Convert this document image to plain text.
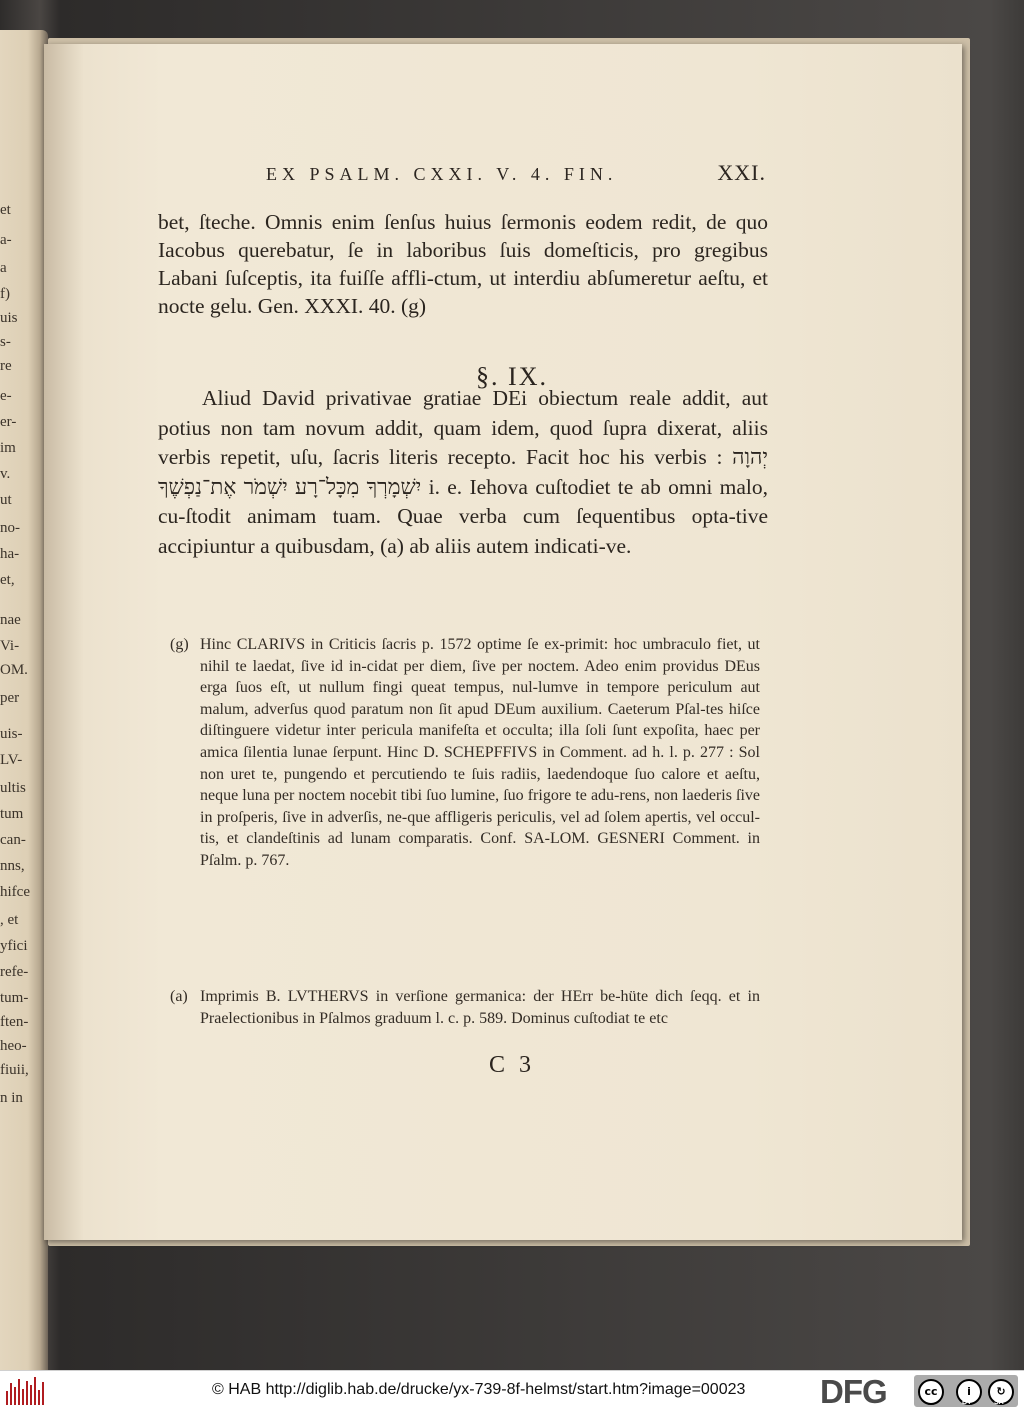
et
a-
a
f)
uis
s-
re
e-
er-
im
v.
ut
no-
ha-
et,
nae
Vi-
OM.
per
uis-
LV-
ultis
tum
can-
nns,
hifce
, et
yfici
refe-
tum-
ften-
heo-
fiuii,
n in
EX PSALM. CXXI. V. 4. FIN.	XXI.
bet, ſteche. Omnis enim ſenſus huius ſermonis eodem redit, de quo Iacobus querebatur, ſe in laboribus ſuis domeſticis, pro gregibus Labani ſuſceptis, ita fuiſſe affli-ctum, ut interdiu abſumeretur aeſtu, et nocte gelu. Gen. XXXI. 40. (g)
§. IX.
Aliud David privativae gratiae DEi obiectum reale addit, aut potius non tam novum addit, quam idem, quod ſupra dixerat, aliis verbis repetit, uſu, ſacris literis recepto. Facit hoc his verbis : יְהוָה יִשְׁמָרְךָ מִכָּל־רָע יִשְׁמֹר אֶת־נַפְשֶׁךָ i. e. Iehova cuſtodiet te ab omni malo, cu-ſtodit animam tuam. Quae verba cum ſequentibus opta-tive accipiuntur a quibusdam, (a) ab aliis autem indicati-ve.
(g) Hinc CLARIVS in Criticis ſacris p. 1572 optime ſe ex-primit: hoc umbraculo fiet, ut nihil te laedat, ſive id in-cidat per diem, ſive per noctem. Adeo enim providus DEus erga ſuos eſt, ut nullum fingi queat tempus, nul-lumve in tempore periculum aut malum, adverſus quod paratum non ſit apud DEum auxilium. Caeterum Pſal-tes hiſce diſtinguere videtur inter pericula manifeſta et occulta; illa ſoli ſunt expoſita, haec per amica ſilentia lunae ſerpunt. Hinc D. SCHEPFFIVS in Comment. ad h. l. p. 277 : Sol non uret te, pungendo et percutiendo te ſuis radiis, laedendoque ſuo calore et aeſtu, neque luna per noctem nocebit tibi ſuo lumine, ſuo frigore te adu-rens, non laederis ſive in proſperis, ſive in adverſis, ne-que affligeris periculis, vel ad ſolem apertis, vel occul-tis, et clandeſtinis ad lunam comparatis. Conf. SA-LOM. GESNERI Comment. in Pſalm. p. 767.
(a) Imprimis B. LVTHERVS in verſione germanica: der HErr be-hüte dich ſeqq. et in Praelectionibus in Pſalmos graduum l. c. p. 589. Dominus cuſtodiat te etc
C 3
© HAB http://diglib.hab.de/drucke/yx-739-8f-helmst/start.htm?image=00023 DFG	cc	i	↻
BY	SA
